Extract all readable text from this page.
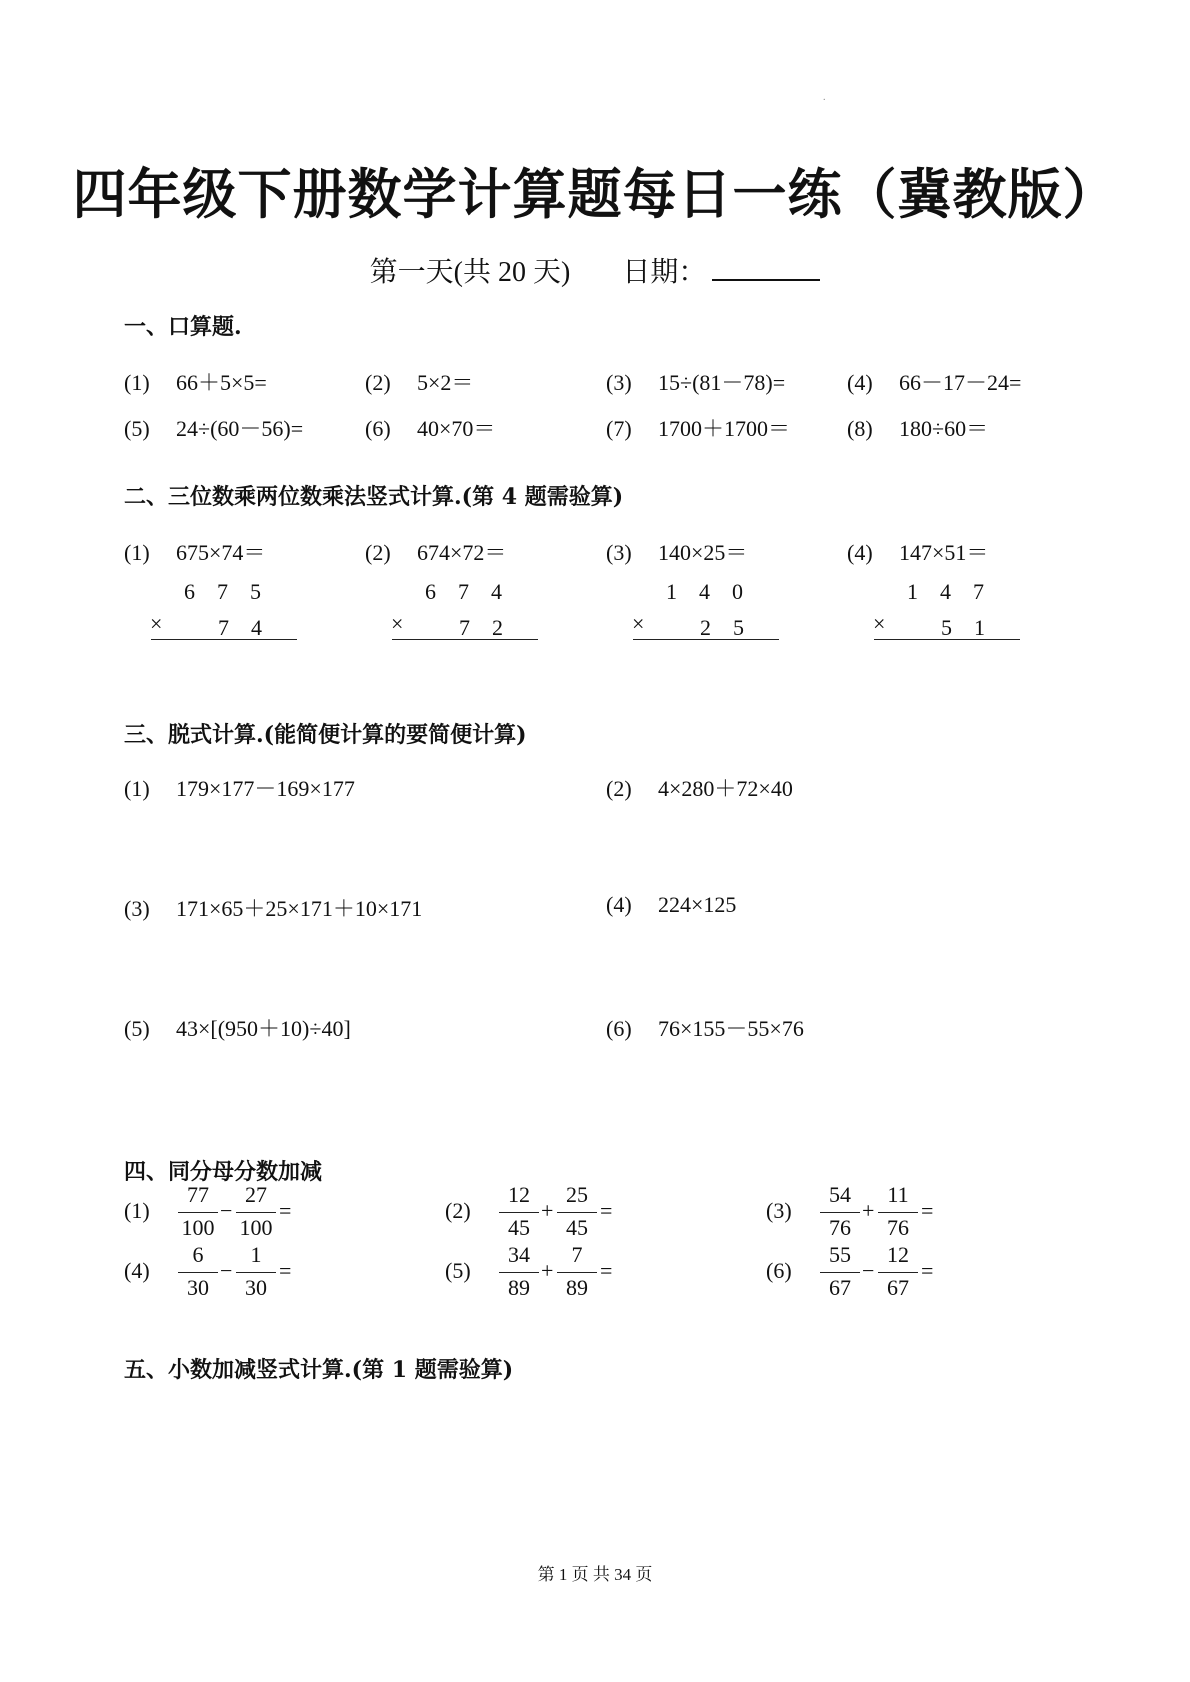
.
四年级下册数学计算题每日一练（冀教版）
第一天(共 20 天) 日期：
一、口算题.
(1) 66＋5×5=	(2) 5×2＝	(3) 15÷(81－78)=	(4) 66－17－24=
(5) 24÷(60－56)=	(6) 40×70＝	(7) 1700＋1700＝	(8) 180÷60＝
二、三位数乘两位数乘法竖式计算.(第 4 题需验算)
(1) 675×74＝
6　7　5
×	7　4
(2) 674×72＝
6　7　4
×	7　2
(3) 140×25＝
1　4　0
×	2　5
(4) 147×51＝
1　4　7
×	5　1
三、脱式计算.(能简便计算的要简便计算)
(1) 179×177－169×177	(2) 4×280＋72×40
(3) 171×65＋25×171＋10×171	(4) 224×125
(5) 43×[(950＋10)÷40]	(6) 76×155－55×76
四、同分母分数加减
(1)
77
100
−
27
100
=	(2)
12
45
+
25
45
=	(3)
54
76
+
11
76
=
(4)
6
30
−
1
30
=	(5)
34
89
+
7
89
=	(6)
55
67
−
12
67
=
五、小数加减竖式计算.(第 1 题需验算)
第 1 页 共 34 页
